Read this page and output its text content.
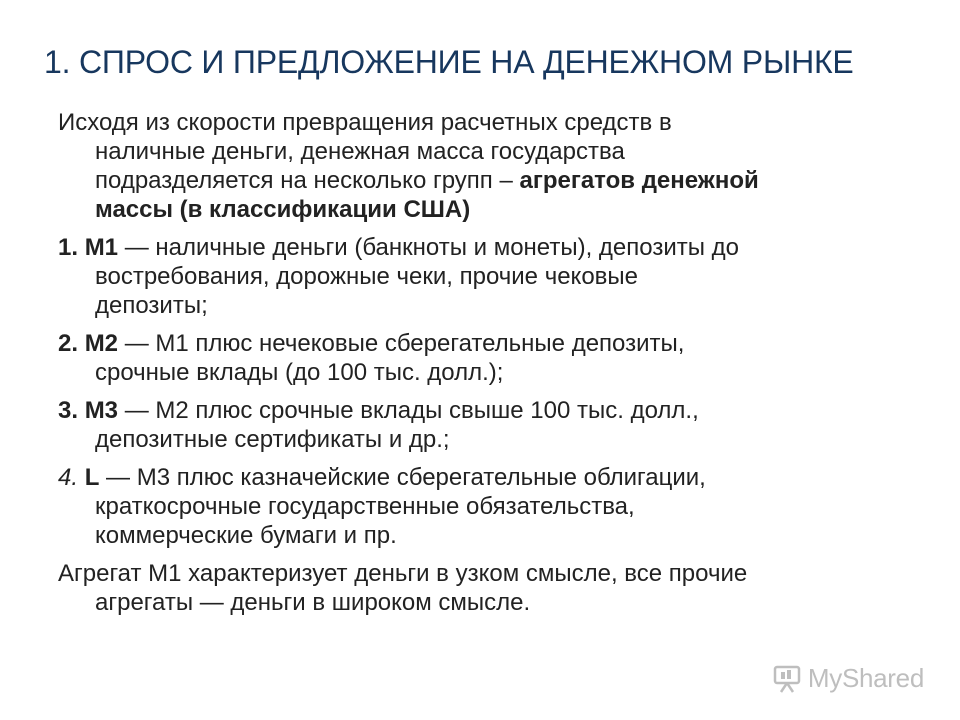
1. СПРОС И ПРЕДЛОЖЕНИЕ НА ДЕНЕЖНОМ РЫНКЕ
Исходя из скорости превращения расчетных средств в
наличные деньги, денежная масса государства
подразделяется на несколько групп – агрегатов денежной
массы (в классификации США)
1. М1 — наличные деньги (банкноты и монеты), депозиты до
востребования, дорожные чеки, прочие чековые
депозиты;
2. М2 — M1 плюс нечековые сберегательные депозиты,
срочные вклады (до 100 тыс. долл.);
3. М3 — M2 плюс срочные вклады свыше 100 тыс. долл.,
депозитные сертификаты и др.;
4. L — М3 плюс казначейские сберегательные облигации,
краткосрочные государственные обязательства,
коммерческие бумаги и пр.
Агрегат М1 характеризует деньги в узком смысле, все прочие
агрегаты — деньги в широком смысле.
MyShared
